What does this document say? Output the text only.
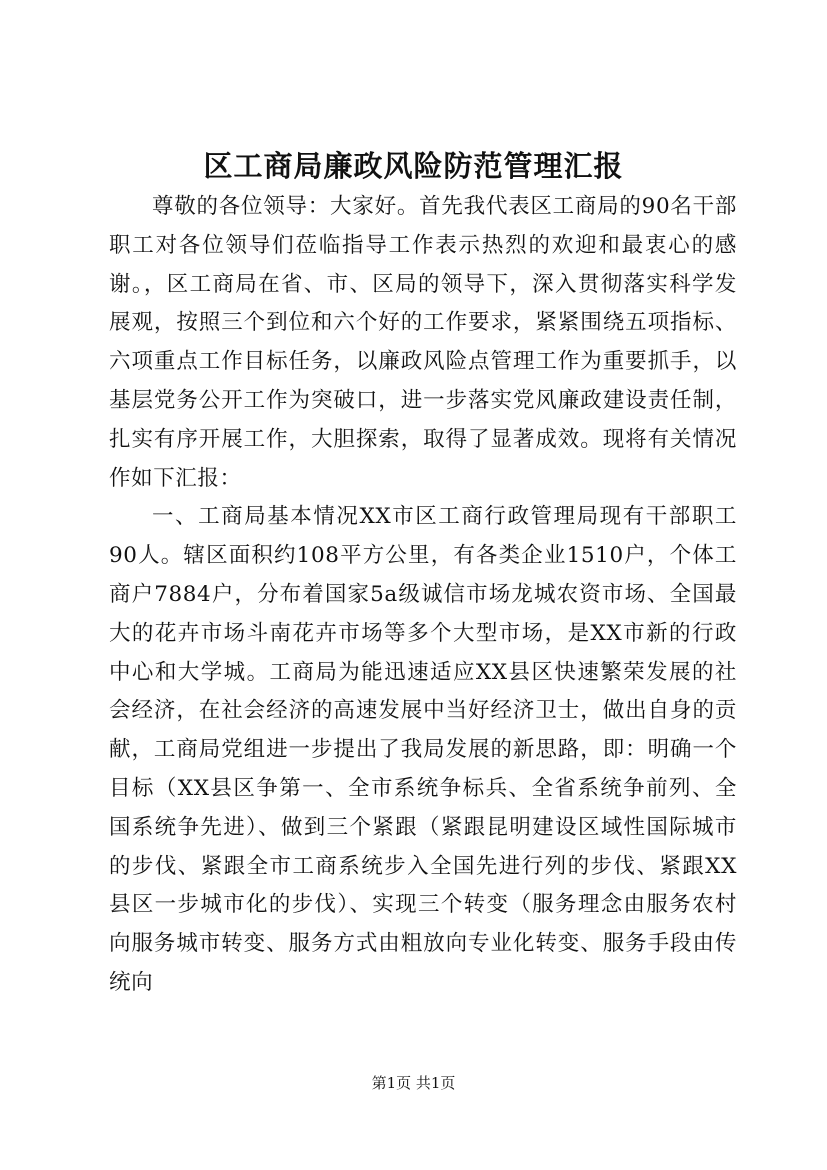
区工商局廉政风险防范管理汇报

尊敬的各位领导：大家好。首先我代表区工商局的90名干部职工对各位领导们莅临指导工作表示热烈的欢迎和最衷心的感谢。，区工商局在省、市、区局的领导下，深入贯彻落实科学发展观，按照三个到位和六个好的工作要求，紧紧围绕五项指标、六项重点工作目标任务，以廉政风险点管理工作为重要抓手，以基层党务公开工作为突破口，进一步落实党风廉政建设责任制，扎实有序开展工作，大胆探索，取得了显著成效。现将有关情况作如下汇报：

一、工商局基本情况XX市区工商行政管理局现有干部职工90人。辖区面积约108平方公里，有各类企业1510户，个体工商户7884户，分布着国家5a级诚信市场龙城农资市场、全国最大的花卉市场斗南花卉市场等多个大型市场，是XX市新的行政中心和大学城。工商局为能迅速适应XX县区快速繁荣发展的社会经济，在社会经济的高速发展中当好经济卫士，做出自身的贡献，工商局党组进一步提出了我局发展的新思路，即：明确一个目标（XX县区争第一、全市系统争标兵、全省系统争前列、全国系统争先进）、做到三个紧跟（紧跟昆明建设区域性国际城市的步伐、紧跟全市工商系统步入全国先进行列的步伐、紧跟XX县区一步城市化的步伐）、实现三个转变（服务理念由服务农村向服务城市转变、服务方式由粗放向专业化转变、服务手段由传统向

第1页 共1页
